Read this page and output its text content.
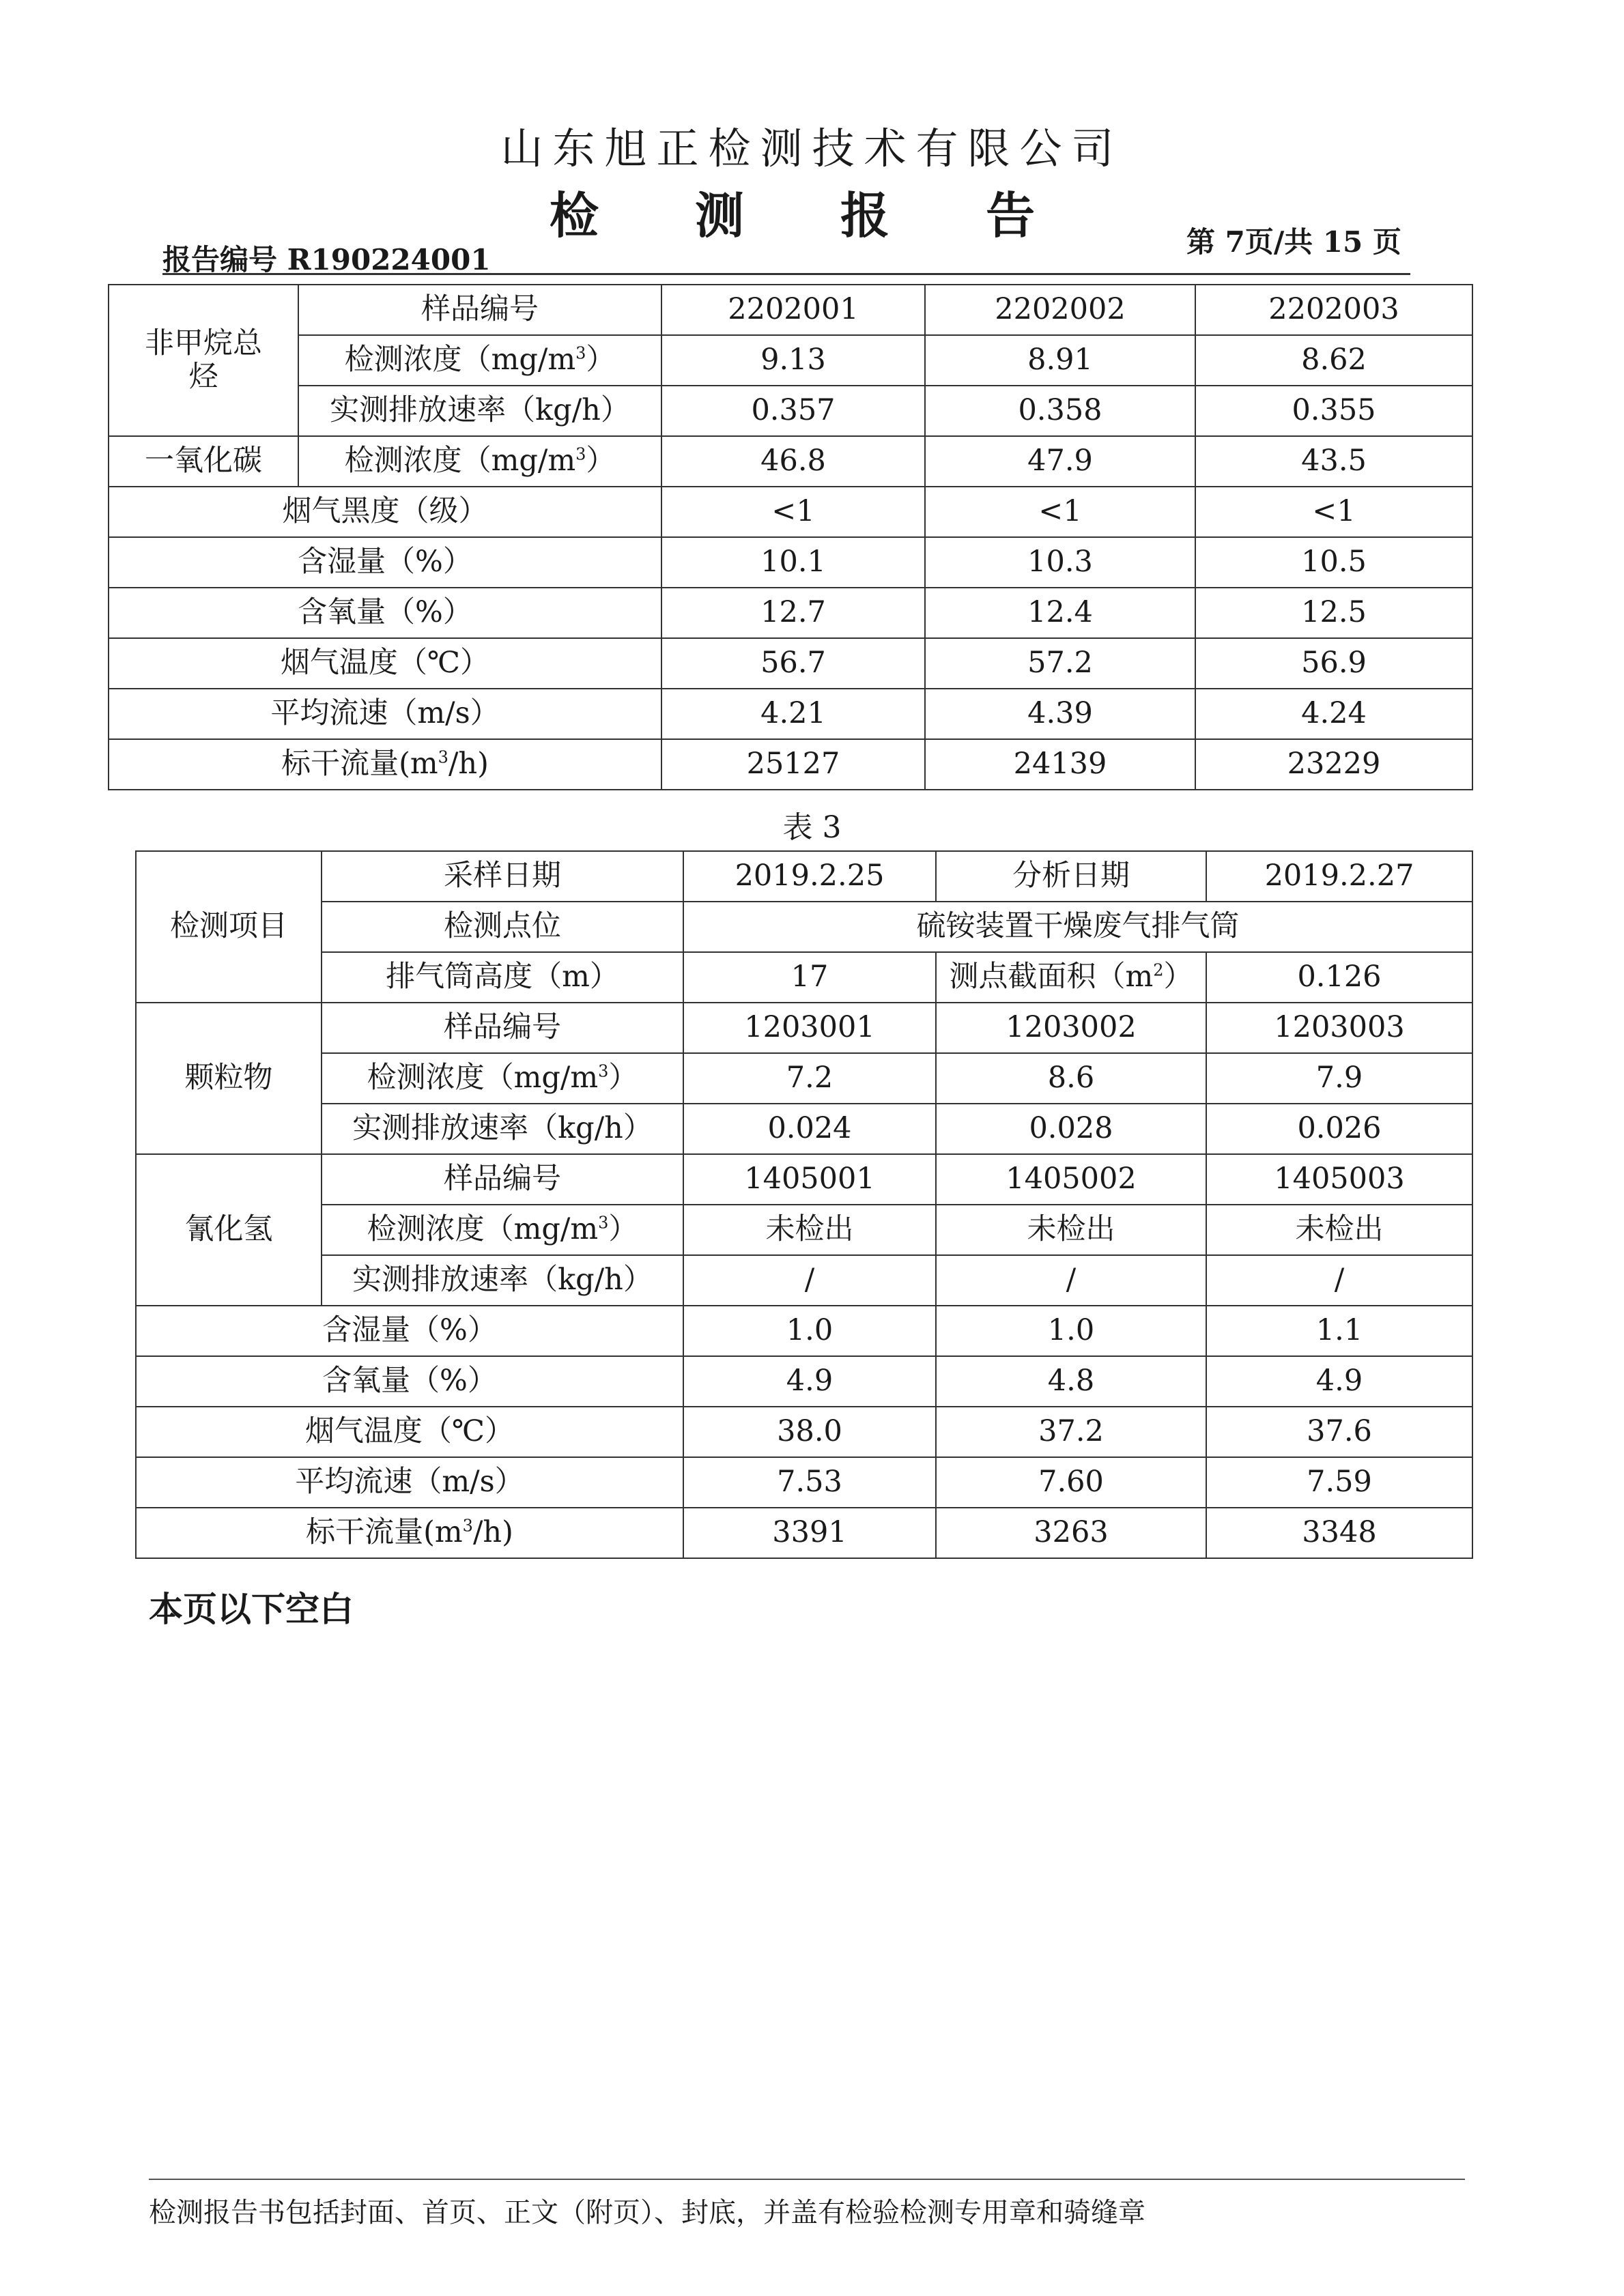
山东旭正检测技术有限公司
检 测 报 告
报告编号 R190224001
第 7页/共 15 页
非甲烷总烃	样品编号	2202001	2202002	2202003
	检测浓度$(mg/m^3)$	9.13	8.91	8.62
	实测排放速率（kg/h）	0.357	0.358	0.355
一氧化碳	检测浓度$(mg/m^3)$	46.8	47.9	43.5
烟气黑度（级）		<1	<1	<1
含湿量（%）		10.1	10.3	10.5
含氧量（%）		12.7	12.4	12.5
烟气温度（℃）		56.7	57.2	56.9
平均流速（m/s）		4.21	4.39	4.24
标干流量$(m^3/h)$		25127	24139	23229
表 3
检测项目	采样日期	2019.2.25	分析日期	2019.2.27
	检测点位	硫铵装置干燥废气排气筒		
	排气筒高度（m）	17	测点截面积$(m^2)$	0.126
颗粒物	样品编号	1203001	1203002	1203003
	检测浓度$(mg/m^3)$	7.2	8.6	7.9
	实测排放速率（kg/h）	0.024	0.028	0.026
氰化氢	样品编号	1405001	1405002	1405003
	检测浓度$(mg/m^3)$	未检出	未检出	未检出
	实测排放速率（kg/h）	/	/	/
含湿量（%）		1.0	1.0	1.1
含氧量（%）		4.9	4.8	4.9
烟气温度（℃）		38.0	37.2	37.6
平均流速（m/s）		7.53	7.60	7.59
标干流量$(m^3/h)$		3391	3263	3348
本页以下空白
检测报告书包括封面、首页、正文（附页）、封底，并盖有检验检测专用章和骑缝章
